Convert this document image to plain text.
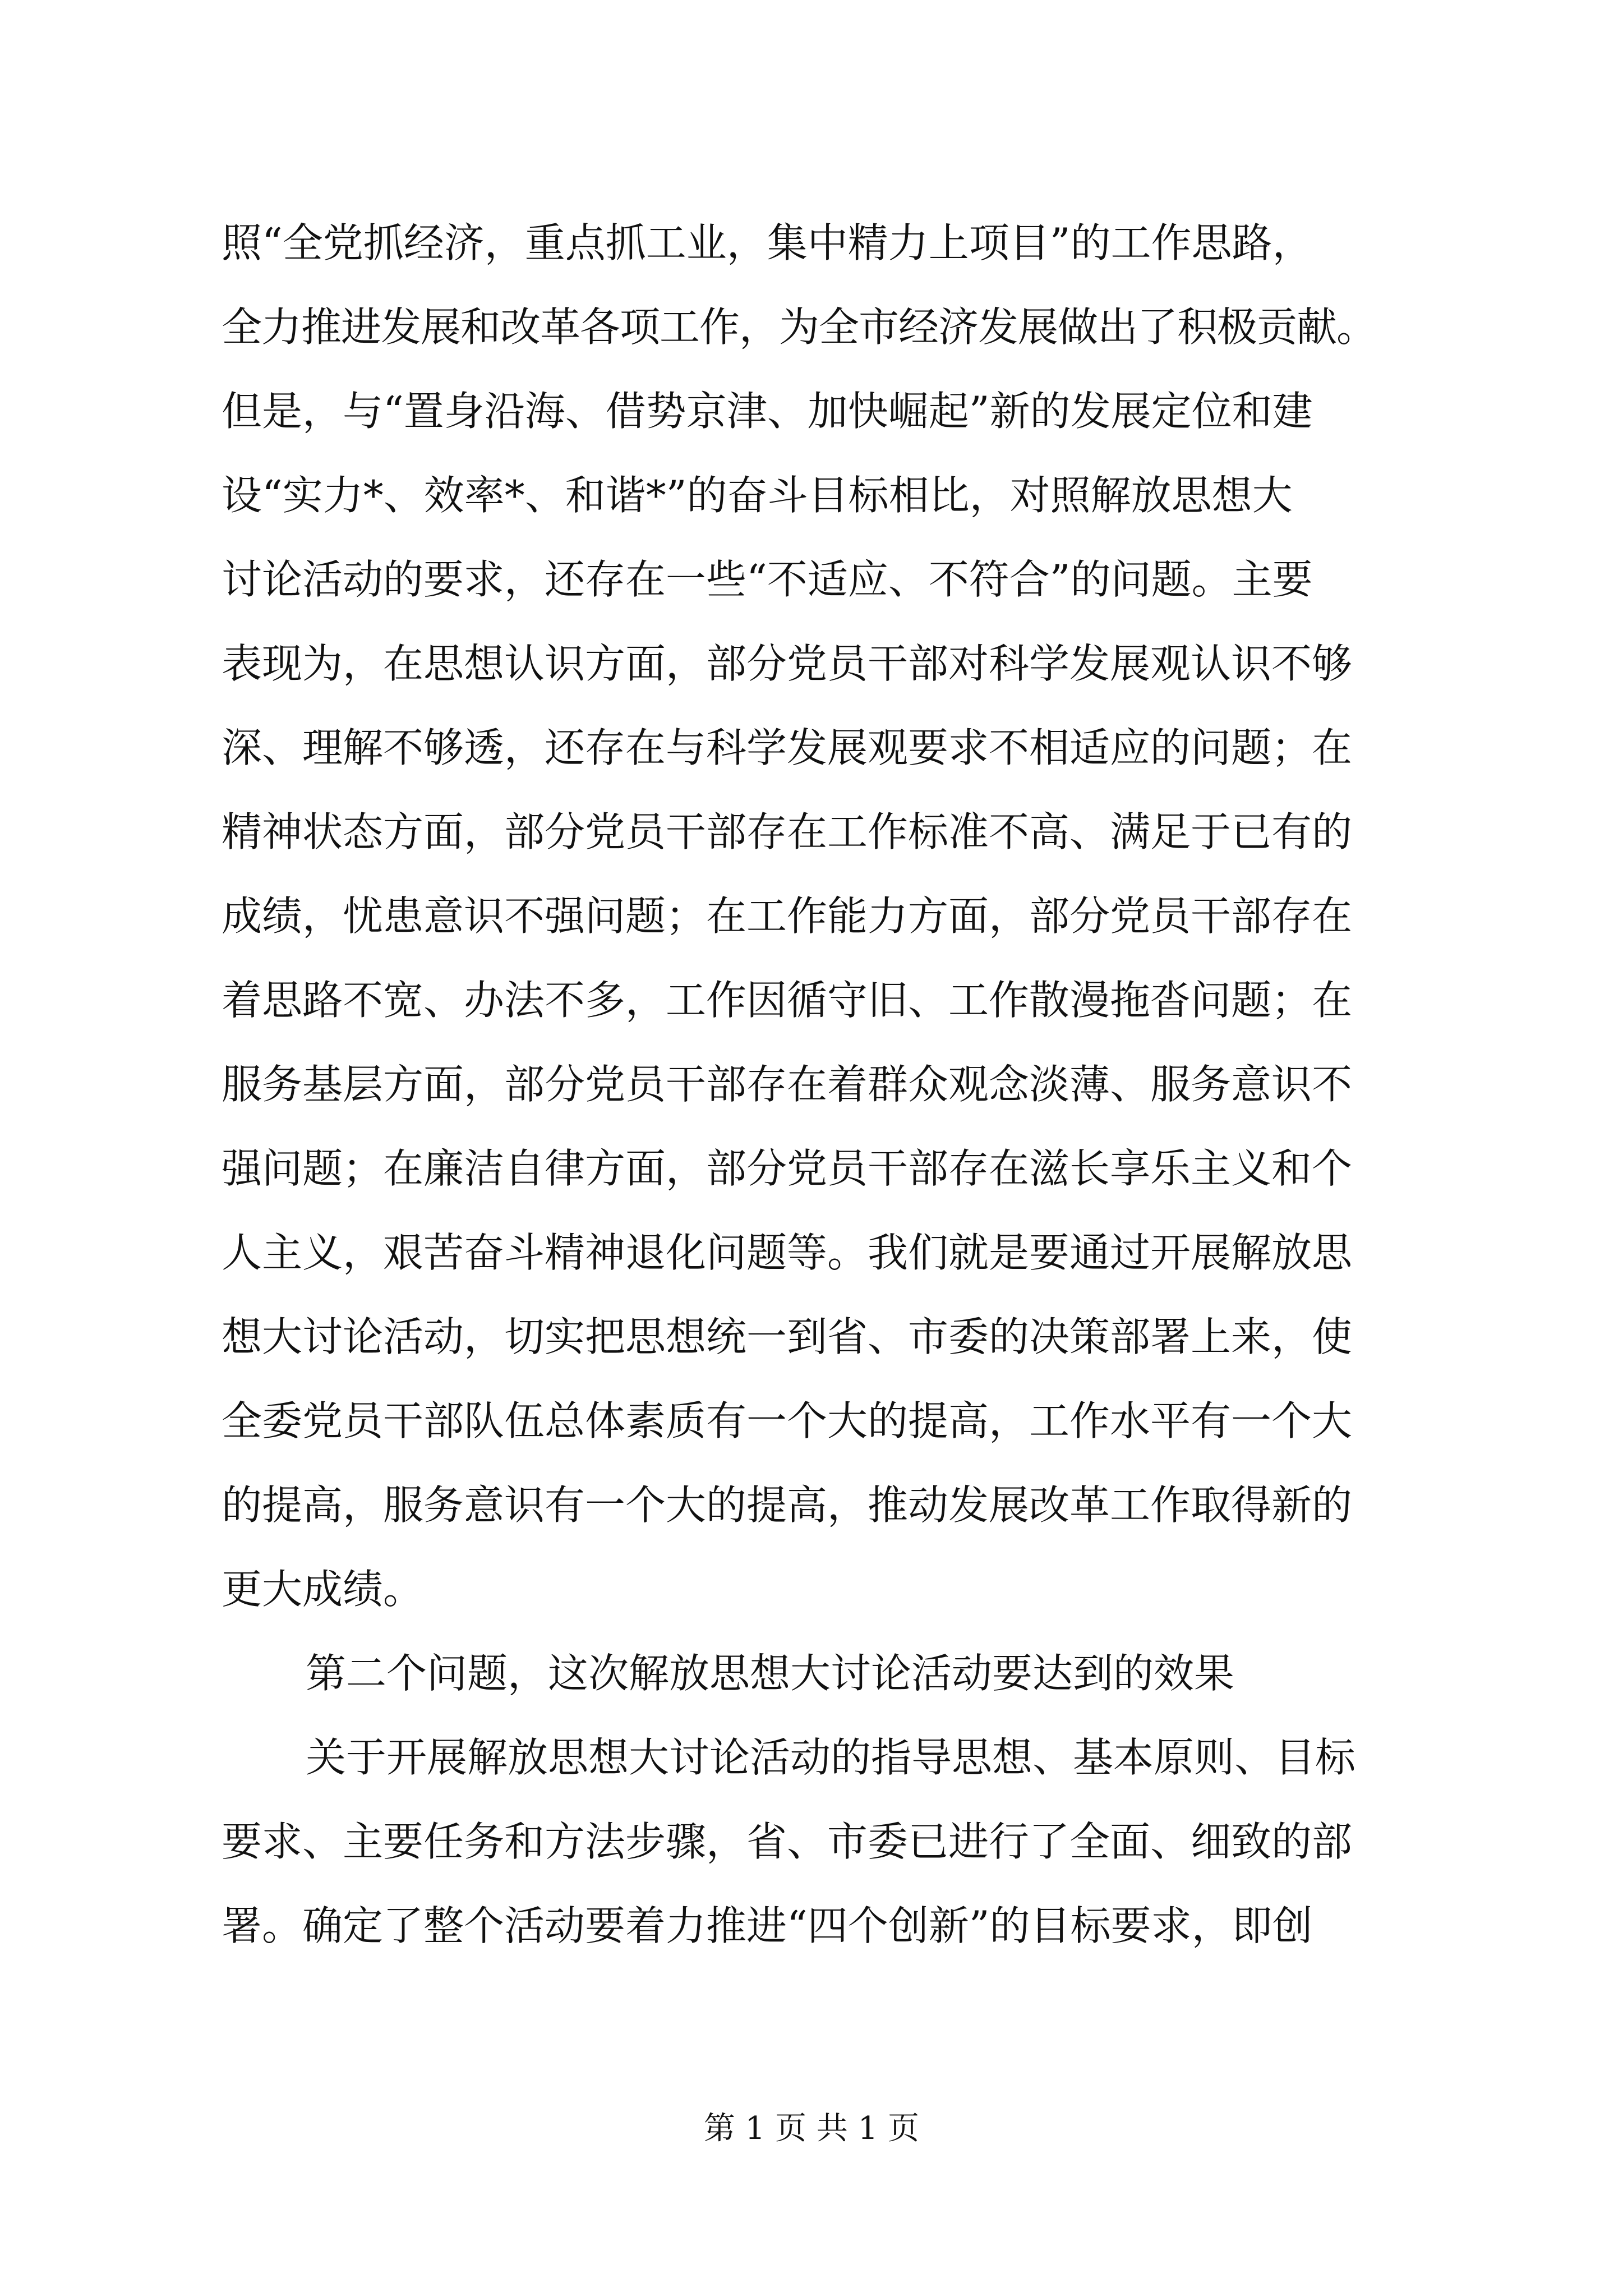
照“全党抓经济，重点抓工业，集中精力上项目”的工作思路，
全力推进发展和改革各项工作，为全市经济发展做出了积极贡献。
但是，与“置身沿海、借势京津、加快崛起”新的发展定位和建
设“实力*、效率*、和谐*”的奋斗目标相比，对照解放思想大
讨论活动的要求，还存在一些“不适应、不符合”的问题。主要
表现为，在思想认识方面，部分党员干部对科学发展观认识不够
深、理解不够透，还存在与科学发展观要求不相适应的问题；在
精神状态方面，部分党员干部存在工作标准不高、满足于已有的
成绩，忧患意识不强问题；在工作能力方面，部分党员干部存在
着思路不宽、办法不多，工作因循守旧、工作散漫拖沓问题；在
服务基层方面，部分党员干部存在着群众观念淡薄、服务意识不
强问题；在廉洁自律方面，部分党员干部存在滋长享乐主义和个
人主义，艰苦奋斗精神退化问题等。我们就是要通过开展解放思
想大讨论活动，切实把思想统一到省、市委的决策部署上来，使
全委党员干部队伍总体素质有一个大的提高，工作水平有一个大
的提高，服务意识有一个大的提高，推动发展改革工作取得新的
更大成绩。
第二个问题，这次解放思想大讨论活动要达到的效果
关于开展解放思想大讨论活动的指导思想、基本原则、目标
要求、主要任务和方法步骤，省、市委已进行了全面、细致的部
署。确定了整个活动要着力推进“四个创新”的目标要求，即创
第 1 页 共 1 页
